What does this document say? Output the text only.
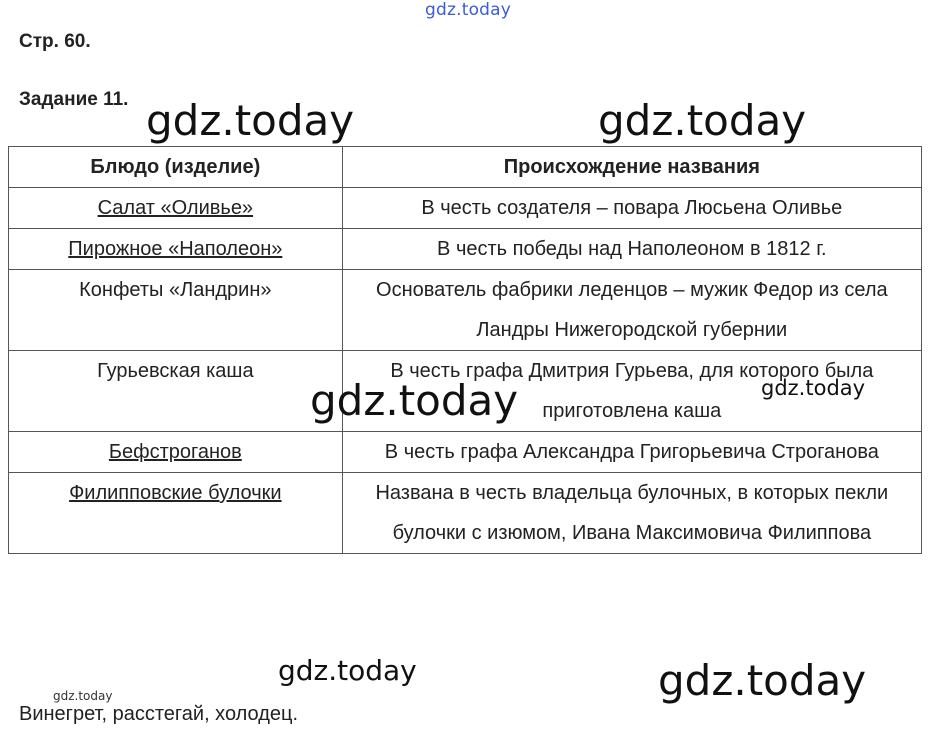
gdz.today
Стр. 60.
Задание 11.
Блюдо (изделие)	Происхождение названия
Салат «Оливье»	В честь создателя – повара Люсьена Оливье
Пирожное «Наполеон»	В честь победы над Наполеоном в 1812 г.
Конфеты «Ландрин»	Основатель фабрики леденцов – мужик Федор из села Ландры Нижегородской губернии
Гурьевская каша	В честь графа Дмитрия Гурьева, для которого была приготовлена каша
Бефстроганов	В честь графа Александра Григорьевича Строганова
Филипповские булочки	Названа в честь владельца булочных, в которых пекли булочки с изюмом, Ивана Максимовича Филиппова
gdz.today	gdz.today
gdz.today	gdz.today
gdz.today	gdz.today
gdz.today
Винегрет, расстегай, холодец.
